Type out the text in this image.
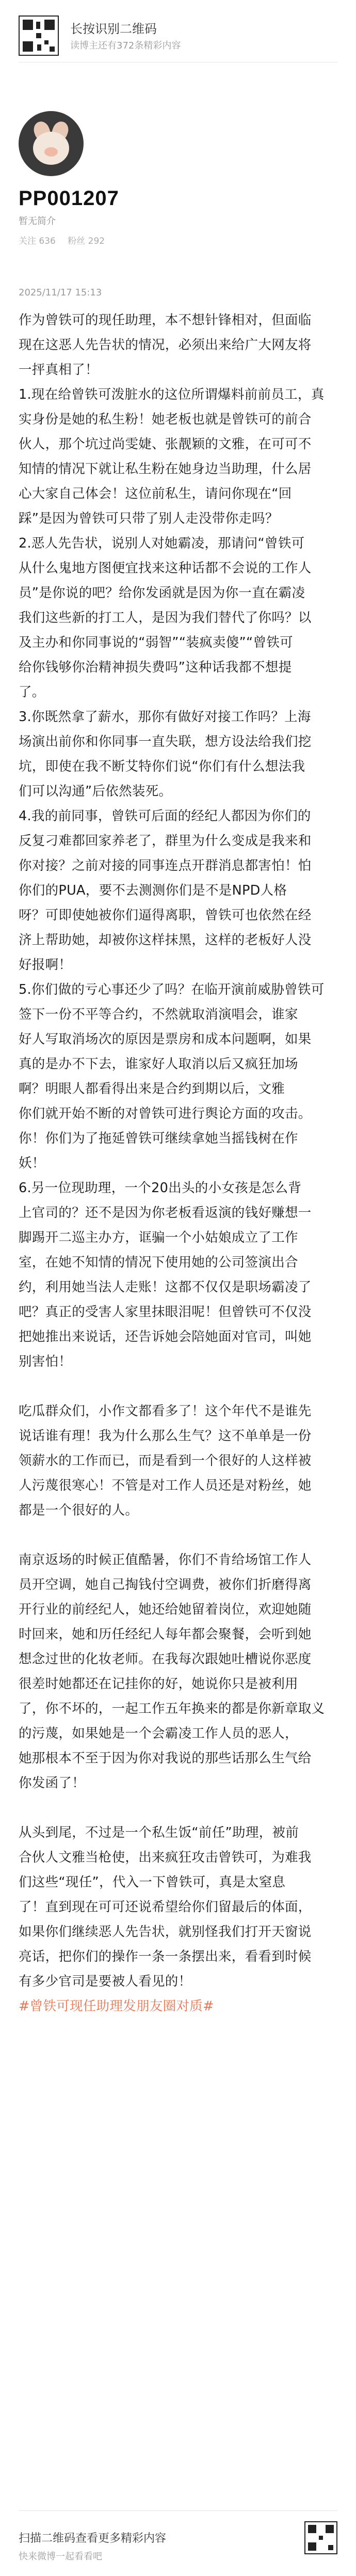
长按识别二维码
读博主还有372条精彩内容
PP001207
暂无简介
关注 636 粉丝 292
2025/11/17 15:13

作为曾铁可的现任助理，本不想针锋相对，但面临

现在这恶人先告状的情况，必须出来给广大网友将

一抨真相了！

1.现在给曾铁可泼脏水的这位所谓爆料前前员工，真

实身份是她的私生粉！她老板也就是曾铁可的前合

伙人，那个坑过尚雯婕、张靓颖的文雅，在可可不

知情的情况下就让私生粉在她身边当助理，什么居

心大家自己体会！这位前私生，请问你现在“回

踩”是因为曾铁可只带了别人走没带你走吗？

2.恶人先告状，说别人对她霸凌，那请问“曾铁可

从什么鬼地方图便宜找来这种话都不会说的工作人

员”是你说的吧？给你发函就是因为你一直在霸凌

我们这些新的打工人，是因为我们替代了你吗？以

及主办和你同事说的“弱智”“装疯卖傻”“曾铁可

给你钱够你治精神损失费吗”这种话我都不想提

了。

3.你既然拿了薪水，那你有做好对接工作吗？上海

场演出前你和你同事一直失联，想方设法给我们挖

坑，即使在我不断艾特你们说“你们有什么想法我

们可以沟通”后依然装死。

4.我的前同事，曾铁可后面的经纪人都因为你们的

反复刁难都回家养老了，群里为什么变成是我来和

你对接？之前对接的同事连点开群消息都害怕！怕

你们的PUA，要不去测测你们是不是NPD人格

呀？可即使她被你们逼得离职，曾铁可也依然在经

济上帮助她，却被你这样抹黑，这样的老板好人没

好报啊！

5.你们做的亏心事还少了吗？在临开演前威胁曾铁可

签下一份不平等合约，不然就取消演唱会，谁家

好人写取消场次的原因是票房和成本问题啊，如果

真的是办不下去，谁家好人取消以后又疯狂加场

啊？明眼人都看得出来是合约到期以后，文雅

你们就开始不断的对曾铁可进行舆论方面的攻击。

你！你们为了拖延曾铁可继续拿她当摇钱树在作

妖！

6.另一位现助理，一个20出头的小女孩是怎么背

上官司的？还不是因为你老板看返演的钱好赚想一

脚踢开二巡主办方，诓骗一个小姑娘成立了工作

室，在她不知情的情况下使用她的公司签演出合

约，利用她当法人走账！这都不仅仅是职场霸凌了

吧？真正的受害人家里抹眼泪呢！但曾铁可不仅没

把她推出来说话，还告诉她会陪她面对官司，叫她

别害怕！

吃瓜群众们，小作文都看多了！这个年代不是谁先

说话谁有理！我为什么那么生气？这不单单是一份

领薪水的工作而已，而是看到一个很好的人这样被

人污蔑很寒心！不管是对工作人员还是对粉丝，她

都是一个很好的人。

南京返场的时候正值酷暑，你们不肯给场馆工作人

员开空调，她自己掏钱付空调费，被你们折磨得离

开行业的前经纪人，她还给她留着岗位，欢迎她随

时回来，她和历任经纪人每年都会聚餐，会听到她

想念过世的化妆老师。在我每次跟她吐槽说你恶度

很差时她都还在记挂你的好，她说你只是被利用

了，你不坏的，一起工作五年换来的都是你新章取义

的污蔑，如果她是一个会霸凌工作人员的恶人，

她那根本不至于因为你对我说的那些话那么生气给

你发函了！

从头到尾，不过是一个私生饭“前任”助理，被前

合伙人文雅当枪使，出来疯狂攻击曾铁可，为难我

们这些“现任”，代入一下曾铁可，真是太窒息

了！直到现在可可还说希望给你们留最后的体面，

如果你们继续恶人先告状，就别怪我们打开天窗说

亮话，把你们的操作一条一条摆出来，看看到时候

有多少官司是要被人看见的！

#曾铁可现任助理发朋友圈对质#

扫描二维码查看更多精彩内容
快来微博一起看看吧
